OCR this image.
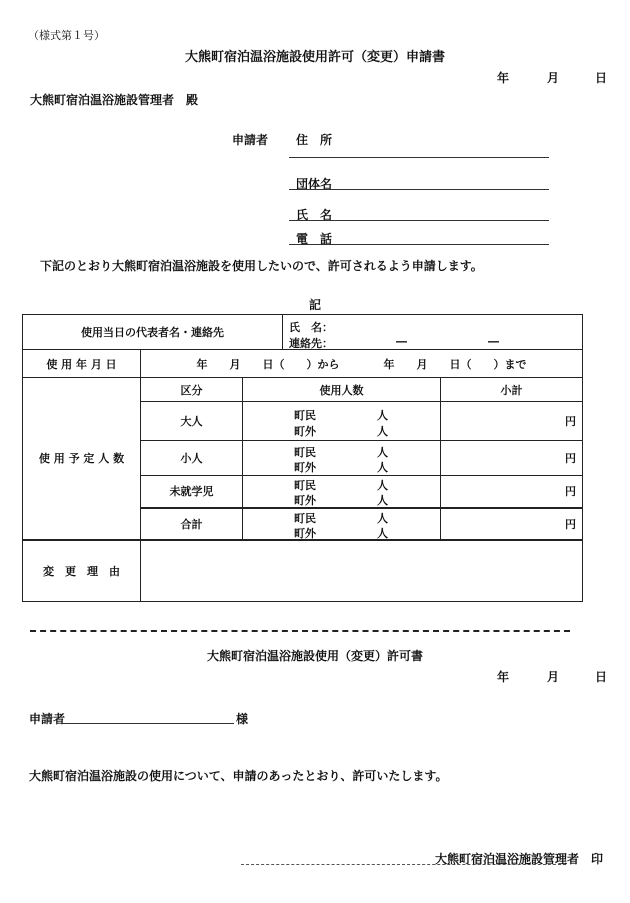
（様式第１号）
大熊町宿泊温浴施設使用許可（変更）申請書
年	月	日
大熊町宿泊温浴施設管理者　殿
申請者 住　所
団体名
氏　名
電　話
下記のとおり大熊町宿泊温浴施設を使用したいので、許可されるよう申請します。
記
使用当日の代表者名・連絡先			氏　名：
連絡先： ― ―	

使 用 年 月 日	年　　月　　日（　　）から　　　　年　　月　　日（　　）まで			
使 用 予 定 人 数	区分	使用人数		小計
	大人	町民 人
町外 人		円
	小人	町民 人
町外 人		円
	未就学児	町民 人
町外 人		円
	合計	町民 人
町外 人		円
変　更　理　由				
大熊町宿泊温浴施設使用（変更）許可書
年	月	日
申請者	様
大熊町宿泊温浴施設の使用について、申請のあったとおり、許可いたします。
大熊町宿泊温浴施設管理者　印
